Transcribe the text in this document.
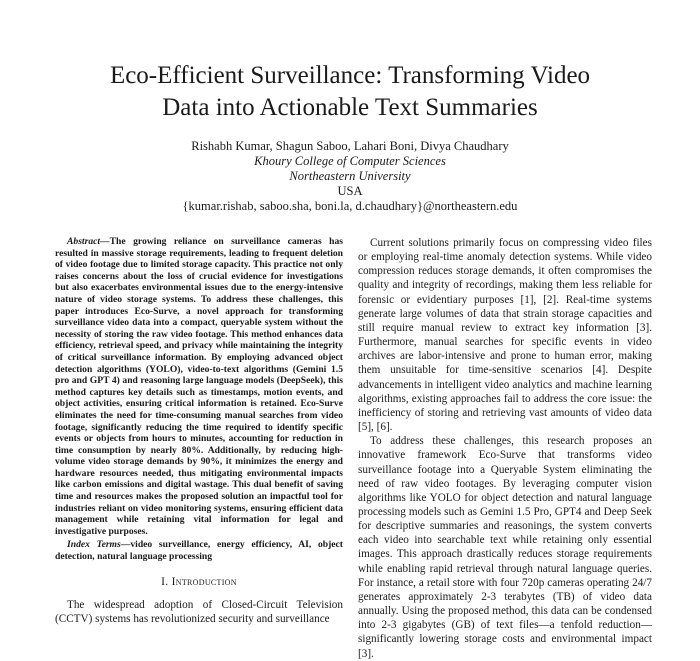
Eco-Efficient Surveillance: Transforming Video
Data into Actionable Text Summaries
Rishabh Kumar, Shagun Saboo, Lahari Boni, Divya Chaudhary
Khoury College of Computer Sciences
Northeastern University
USA
{kumar.rishab, saboo.sha, boni.la, d.chaudhary}@northeastern.edu

Abstract—The growing reliance on surveillance cameras has resulted in massive storage requirements, leading to frequent deletion of video footage due to limited storage capacity. This practice not only raises concerns about the loss of crucial evidence for investigations but also exacerbates environmental issues due to the energy-intensive nature of video storage systems. To address these challenges, this paper introduces Eco-Surve, a novel approach for transforming surveillance video data into a compact, queryable system without the necessity of storing the raw video footage. This method enhances data efficiency, retrieval speed, and privacy while maintaining the integrity of critical surveillance information. By employing advanced object detection algorithms (YOLO), video-to-text algorithms (Gemini 1.5 pro and GPT 4) and reasoning large language models (DeepSeek), this method captures key details such as timestamps, motion events, and object activities, ensuring critical information is retained. Eco-Surve eliminates the need for time-consuming manual searches from video footage, significantly reducing the time required to identify specific events or objects from hours to minutes, accounting for reduction in time consumption by nearly 80%. Additionally, by reducing high-volume video storage demands by 90%, it minimizes the energy and hardware resources needed, thus mitigating environmental impacts like carbon emissions and digital wastage. This dual benefit of saving time and resources makes the proposed solution an impactful tool for industries reliant on video monitoring systems, ensuring efficient data management while retaining vital information for legal and investigative purposes.

Index Terms—video surveillance, energy efficiency, AI, object detection, natural language processing

I. Introduction

The widespread adoption of Closed-Circuit Television (CCTV) systems has revolutionized security and surveillance

Current solutions primarily focus on compressing video files or employing real-time anomaly detection systems. While video compression reduces storage demands, it often compromises the quality and integrity of recordings, making them less reliable for forensic or evidentiary purposes [1], [2]. Real-time systems generate large volumes of data that strain storage capacities and still require manual review to extract key information [3]. Furthermore, manual searches for specific events in video archives are labor-intensive and prone to human error, making them unsuitable for time-sensitive scenarios [4]. Despite advancements in intelligent video analytics and machine learning algorithms, existing approaches fail to address the core issue: the inefficiency of storing and retrieving vast amounts of video data [5], [6].

To address these challenges, this research proposes an innovative framework Eco-Surve that transforms video surveillance footage into a Queryable System eliminating the need of raw video footages. By leveraging computer vision algorithms like YOLO for object detection and natural language processing models such as Gemini 1.5 Pro, GPT4 and Deep Seek for descriptive summaries and reasonings, the system converts each video into searchable text while retaining only essential images. This approach drastically reduces storage requirements while enabling rapid retrieval through natural language queries. For instance, a retail store with four 720p cameras operating 24/7 generates approximately 2-3 terabytes (TB) of video data annually. Using the proposed method, this data can be condensed into 2-3 gigabytes (GB) of text files—a tenfold reduction—significantly lowering storage costs and environmental impact [3].
